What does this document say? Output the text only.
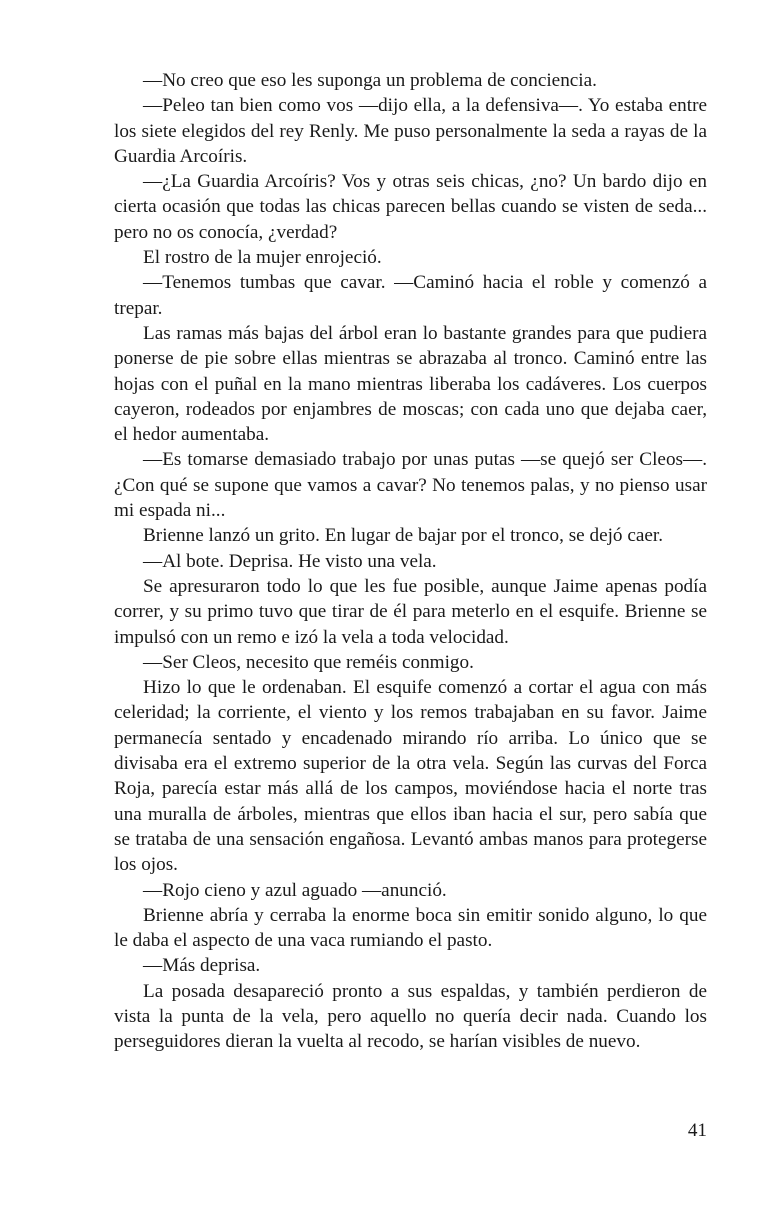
—No creo que eso les suponga un problema de conciencia.

—Peleo tan bien como vos —dijo ella, a la defensiva—. Yo estaba entre los siete elegidos del rey Renly. Me puso personalmente la seda a rayas de la Guardia Arcoíris.

—¿La Guardia Arcoíris? Vos y otras seis chicas, ¿no? Un bardo dijo en cierta ocasión que todas las chicas parecen bellas cuando se visten de seda... pero no os conocía, ¿verdad?

El rostro de la mujer enrojeció.

—Tenemos tumbas que cavar. —Caminó hacia el roble y comenzó a trepar.

Las ramas más bajas del árbol eran lo bastante grandes para que pudiera ponerse de pie sobre ellas mientras se abrazaba al tronco. Caminó entre las hojas con el puñal en la mano mientras liberaba los cadáveres. Los cuerpos cayeron, rodeados por enjambres de moscas; con cada uno que dejaba caer, el hedor aumentaba.

—Es tomarse demasiado trabajo por unas putas —se quejó ser Cleos—. ¿Con qué se supone que vamos a cavar? No tenemos palas, y no pienso usar mi espada ni...

Brienne lanzó un grito. En lugar de bajar por el tronco, se dejó caer.

—Al bote. Deprisa. He visto una vela.

Se apresuraron todo lo que les fue posible, aunque Jaime apenas podía correr, y su primo tuvo que tirar de él para meterlo en el esquife. Brienne se impulsó con un remo e izó la vela a toda velocidad.

—Ser Cleos, necesito que reméis conmigo.

Hizo lo que le ordenaban. El esquife comenzó a cortar el agua con más celeridad; la corriente, el viento y los remos trabajaban en su favor. Jaime permanecía sentado y encadenado mirando río arriba. Lo único que se divisaba era el extremo superior de la otra vela. Según las curvas del Forca Roja, parecía estar más allá de los campos, moviéndose hacia el norte tras una muralla de árboles, mientras que ellos iban hacia el sur, pero sabía que se trataba de una sensación engañosa. Levantó ambas manos para protegerse los ojos.

—Rojo cieno y azul aguado —anunció.

Brienne abría y cerraba la enorme boca sin emitir sonido alguno, lo que le daba el aspecto de una vaca rumiando el pasto.

—Más deprisa.

La posada desapareció pronto a sus espaldas, y también perdieron de vista la punta de la vela, pero aquello no quería decir nada. Cuando los perseguidores dieran la vuelta al recodo, se harían visibles de nuevo.

41
